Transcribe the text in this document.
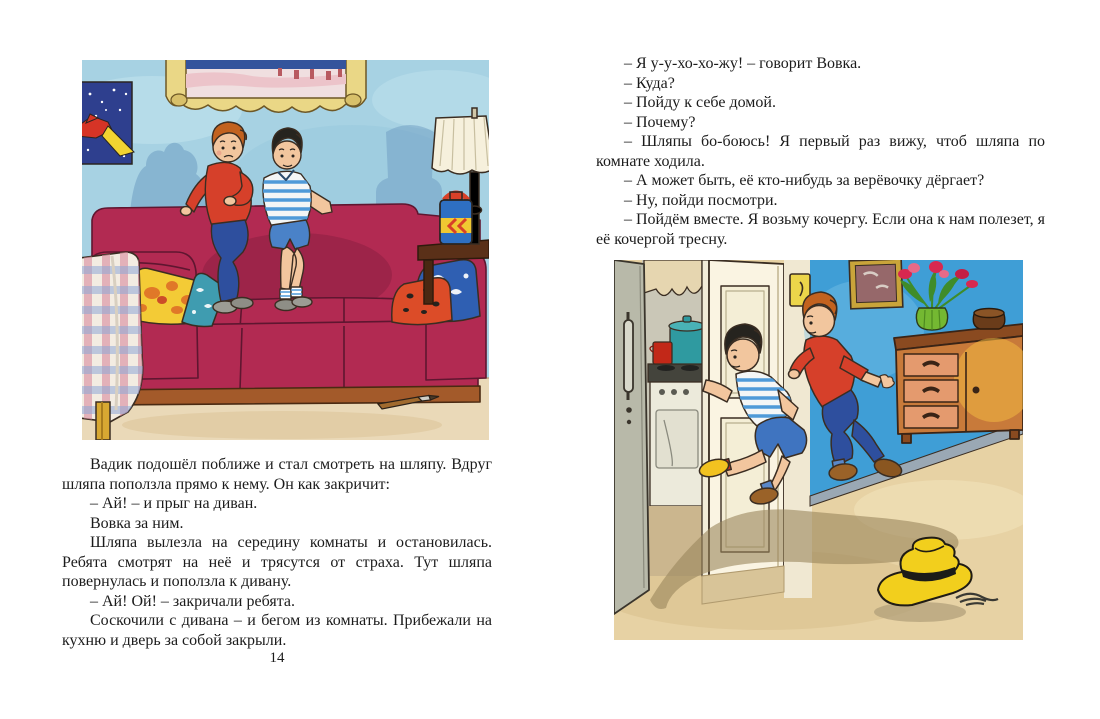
Вадик подошёл поближе и стал смотреть на шляпу. Вдруг шляпа поползла прямо к нему. Он как закричит:

– Ай! – и прыг на диван.

Вовка за ним.

Шляпа вылезла на середину комнаты и остановилась. Ребята смотрят на неё и трясутся от страха. Тут шляпа повернулась и поползла к дивану.

– Ай! Ой! – закричали ребята.

Соскочили с дивана – и бегом из комнаты. Прибежали на кухню и дверь за собой закрыли.

14

– Я у-у-хо-хо-жу! – говорит Вовка.

– Куда?

– Пойду к себе домой.

– Почему?

– Шляпы бо-боюсь! Я первый раз вижу, чтоб шляпа по комнате ходила.

– А может быть, её кто-нибудь за верёвочку дёргает?

– Ну, пойди посмотри.

– Пойдём вместе. Я возьму кочергу. Если она к нам полезет, я её кочергой тресну.
